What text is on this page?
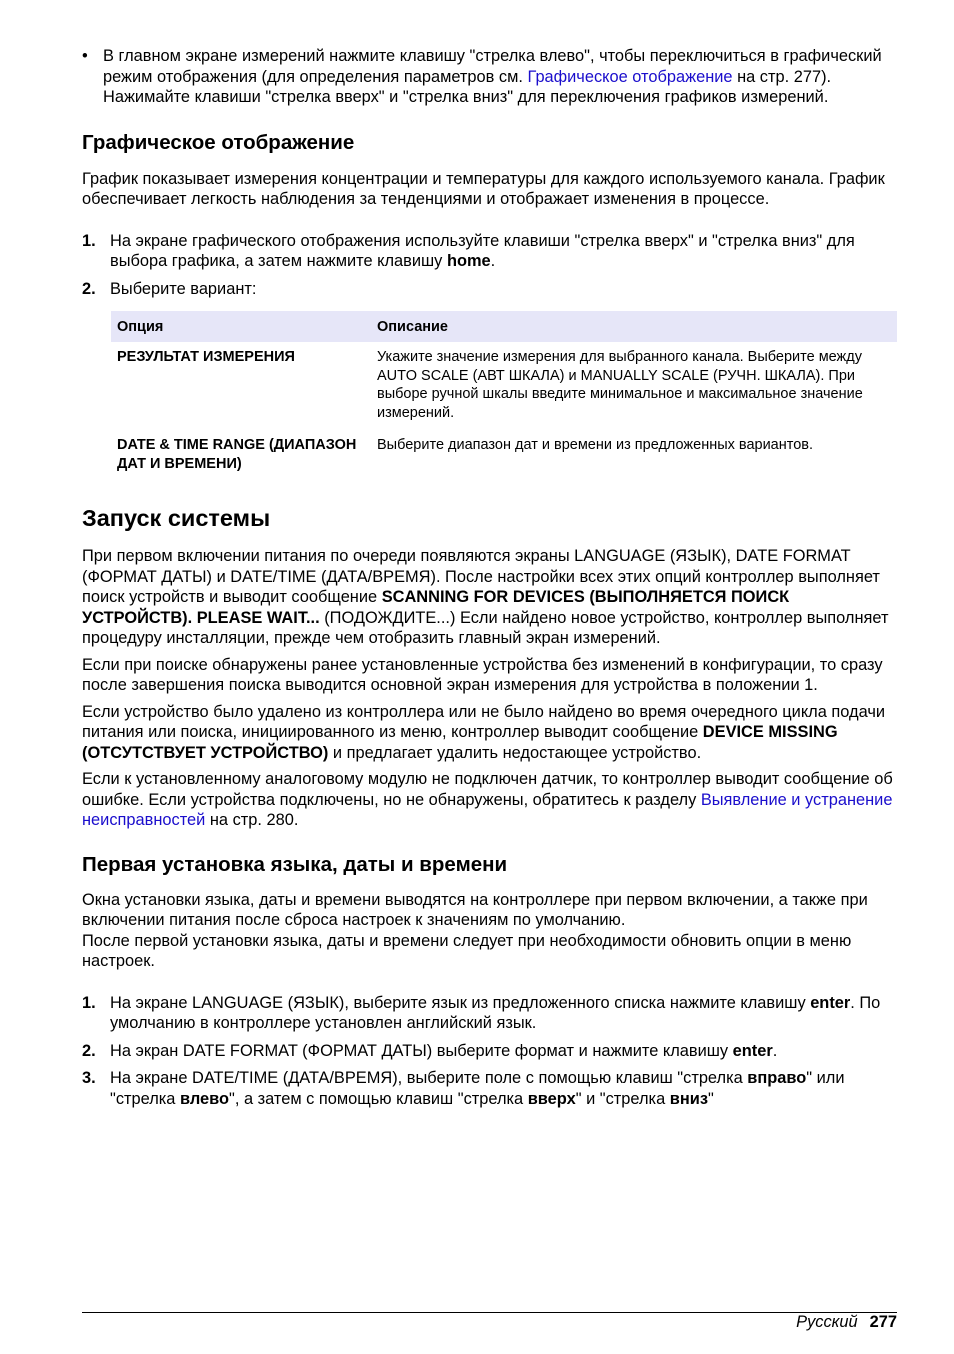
• В главном экране измерений нажмите клавишу "стрелка влево", чтобы переключиться в графический режим отображения (для определения параметров см. Графическое отображение на стр. 277). Нажимайте клавиши "стрелка вверх" и "стрелка вниз" для переключения графиков измерений.

Графическое отображение

График показывает измерения концентрации и температуры для каждого используемого канала. График обеспечивает легкость наблюдения за тенденциями и отображает изменения в процессе.

1. На экране графического отображения используйте клавиши "стрелка вверх" и "стрелка вниз" для выбора графика, а затем нажмите клавишу home.

2. Выберите вариант:

Опция	Описание
РЕЗУЛЬТАТ ИЗМЕРЕНИЯ	Укажите значение измерения для выбранного канала. Выберите между AUTO SCALE (АВТ ШКАЛА) и MANUALLY SCALE (РУЧН. ШКАЛА). При выборе ручной шкалы введите минимальное и максимальное значение измерений.
DATE & TIME RANGE (ДИАПАЗОН ДАТ И ВРЕМЕНИ)	Выберите диапазон дат и времени из предложенных вариантов.
Запуск системы

При первом включении питания по очереди появляются экраны LANGUAGE (ЯЗЫК), DATE FORMAT (ФОРМАТ ДАТЫ) и DATE/TIME (ДАТА/ВРЕМЯ). После настройки всех этих опций контроллер выполняет поиск устройств и выводит сообщение SCANNING FOR DEVICES (ВЫПОЛНЯЕТСЯ ПОИСК УСТРОЙСТВ). PLEASE WAIT... (ПОДОЖДИТЕ...) Если найдено новое устройство, контроллер выполняет процедуру инсталляции, прежде чем отобразить главный экран измерений.

Если при поиске обнаружены ранее установленные устройства без изменений в конфигурации, то сразу после завершения поиска выводится основной экран измерения для устройства в положении 1.

Если устройство было удалено из контроллера или не было найдено во время очередного цикла подачи питания или поиска, инициированного из меню, контроллер выводит сообщение DEVICE MISSING (ОТСУТСТВУЕТ УСТРОЙСТВО) и предлагает удалить недостающее устройство.

Если к установленному аналоговому модулю не подключен датчик, то контроллер выводит сообщение об ошибке. Если устройства подключены, но не обнаружены, обратитесь к разделу Выявление и устранение неисправностей на стр. 280.

Первая установка языка, даты и времени

Окна установки языка, даты и времени выводятся на контроллере при первом включении, а также при включении питания после сброса настроек к значениям по умолчанию.

После первой установки языка, даты и времени следует при необходимости обновить опции в меню настроек.

1. На экране LANGUAGE (ЯЗЫК), выберите язык из предложенного списка нажмите клавишу enter. По умолчанию в контроллере установлен английский язык.

2. На экран DATE FORMAT (ФОРМАТ ДАТЫ) выберите формат и нажмите клавишу enter.

3. На экране DATE/TIME (ДАТА/ВРЕМЯ), выберите поле с помощью клавиш "стрелка вправо" или "стрелка влево", а затем с помощью клавиш "стрелка вверх" и "стрелка вниз"

Русский 277
